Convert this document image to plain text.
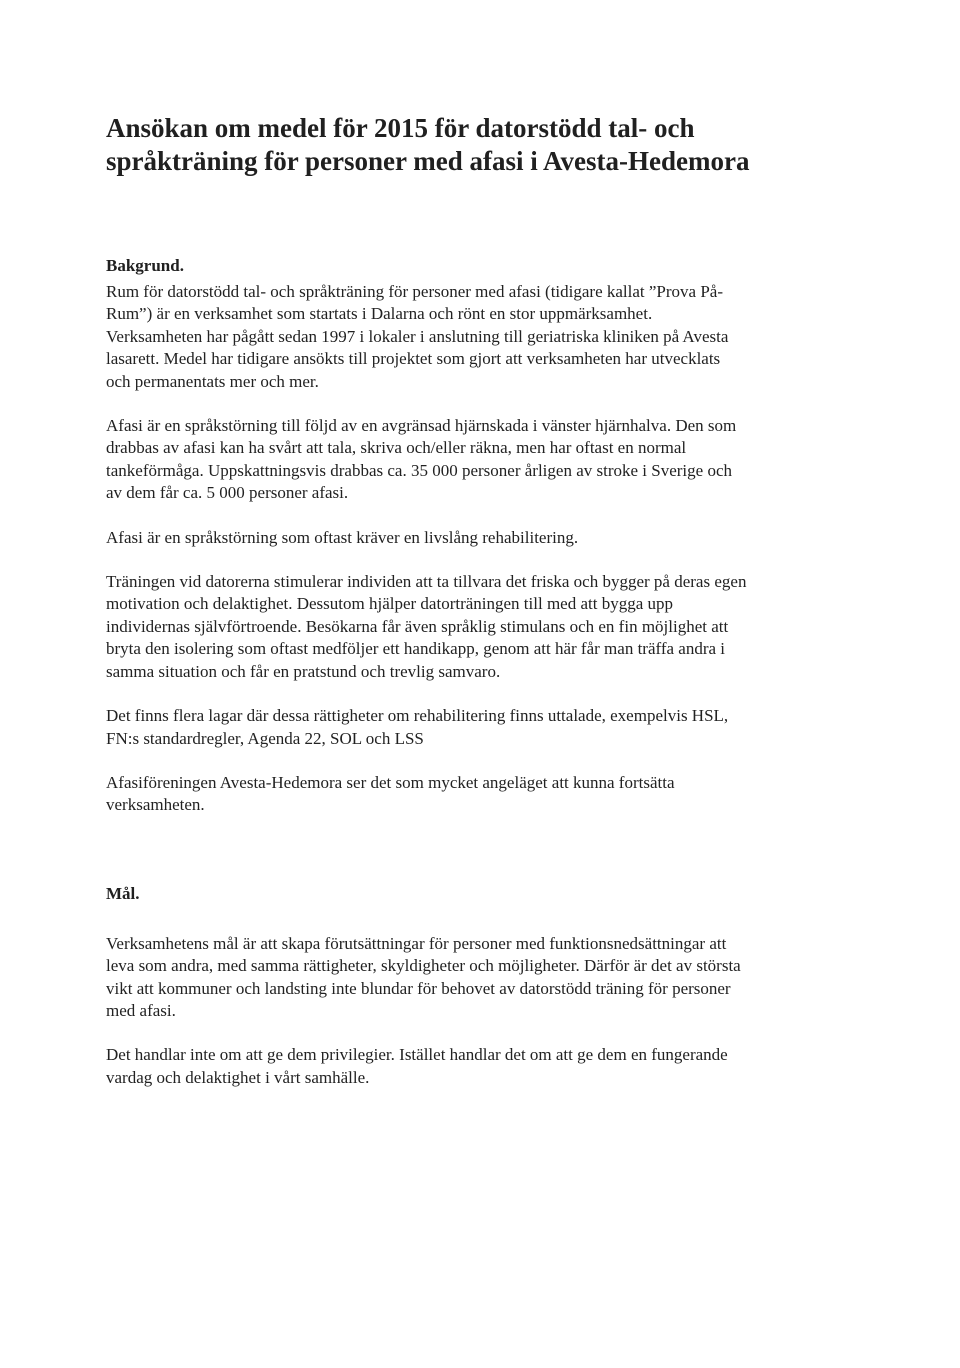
Ansökan om medel för 2015 för datorstödd tal- och
språkträning för personer med afasi i Avesta-Hedemora
Bakgrund.

Rum för datorstödd tal- och språkträning för personer med afasi (tidigare kallat ”Prova På-
Rum”) är en verksamhet som startats i Dalarna och rönt en stor uppmärksamhet.
Verksamheten har pågått sedan 1997 i lokaler i anslutning till geriatriska kliniken på Avesta
lasarett. Medel har tidigare ansökts till projektet som gjort att verksamheten har utvecklats
och permanentats mer och mer.

Afasi är en språkstörning till följd av en avgränsad hjärnskada i vänster hjärnhalva. Den som
drabbas av afasi kan ha svårt att tala, skriva och/eller räkna, men har oftast en normal
tankeförmåga. Uppskattningsvis drabbas ca. 35 000 personer årligen av stroke i Sverige och
av dem får ca. 5 000 personer afasi.

Afasi är en språkstörning som oftast kräver en livslång rehabilitering.

Träningen vid datorerna stimulerar individen att ta tillvara det friska och bygger på deras egen
motivation och delaktighet. Dessutom hjälper datorträningen till med att bygga upp
individernas självförtroende. Besökarna får även språklig stimulans och en fin möjlighet att
bryta den isolering som oftast medföljer ett handikapp, genom att här får man träffa andra i
samma situation och får en pratstund och trevlig samvaro.

Det finns flera lagar där dessa rättigheter om rehabilitering finns uttalade, exempelvis HSL,
FN:s standardregler, Agenda 22, SOL och LSS

Afasiföreningen Avesta-Hedemora ser det som mycket angeläget att kunna fortsätta
verksamheten.

Mål.

Verksamhetens mål är att skapa förutsättningar för personer med funktionsnedsättningar att
leva som andra, med samma rättigheter, skyldigheter och möjligheter. Därför är det av största
vikt att kommuner och landsting inte blundar för behovet av datorstödd träning för personer
med afasi.

Det handlar inte om att ge dem privilegier. Istället handlar det om att ge dem en fungerande
vardag och delaktighet i vårt samhälle.
